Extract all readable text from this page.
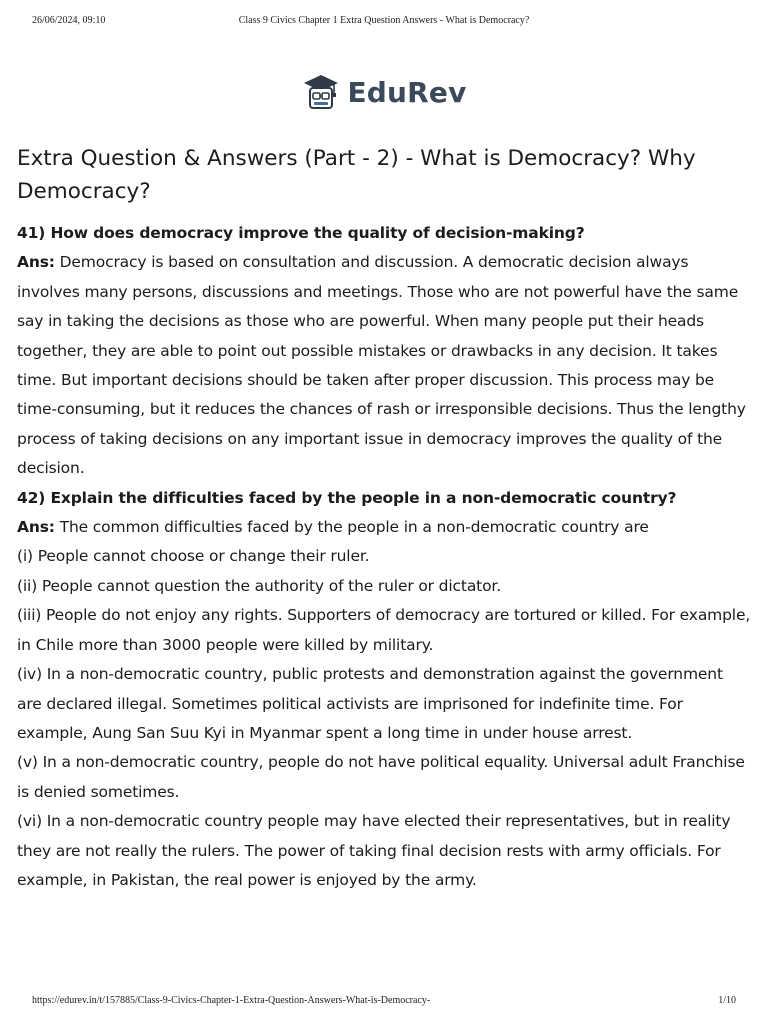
26/06/2024, 09:10	Class 9 Civics Chapter 1 Extra Question Answers - What is Democracy?
EduRev
Extra Question & Answers (Part - 2) - What is Democracy? Why Democracy?

41) How does democracy improve the quality of decision-making?

Ans: Democracy is based on consultation and discussion. A democratic decision always involves many persons, discussions and meetings. Those who are not powerful have the same say in taking the decisions as those who are powerful. When many people put their heads together, they are able to point out possible mistakes or drawbacks in any decision. It takes time. But important decisions should be taken after proper discussion. This process may be time-consuming, but it reduces the chances of rash or irresponsible decisions. Thus the lengthy process of taking decisions on any important issue in democracy improves the quality of the decision.

42) Explain the difficulties faced by the people in a non-democratic country?

Ans: The common difficulties faced by the people in a non-democratic country are

(i) People cannot choose or change their ruler.

(ii) People cannot question the authority of the ruler or dictator.

(iii) People do not enjoy any rights. Supporters of democracy are tortured or killed. For example, in Chile more than 3000 people were killed by military.

(iv) In a non-democratic country, public protests and demonstration against the government are declared illegal. Sometimes political activists are imprisoned for indefinite time. For example, Aung San Suu Kyi in Myanmar spent a long time in under house arrest.

(v) In a non-democratic country, people do not have political equality. Universal adult Franchise is denied sometimes.

(vi) In a non-democratic country people may have elected their representatives, but in reality they are not really the rulers. The power of taking final decision rests with army officials. For example, in Pakistan, the real power is enjoyed by the army.

https://edurev.in/t/157885/Class-9-Civics-Chapter-1-Extra-Question-Answers-What-is-Democracy-	1/10
